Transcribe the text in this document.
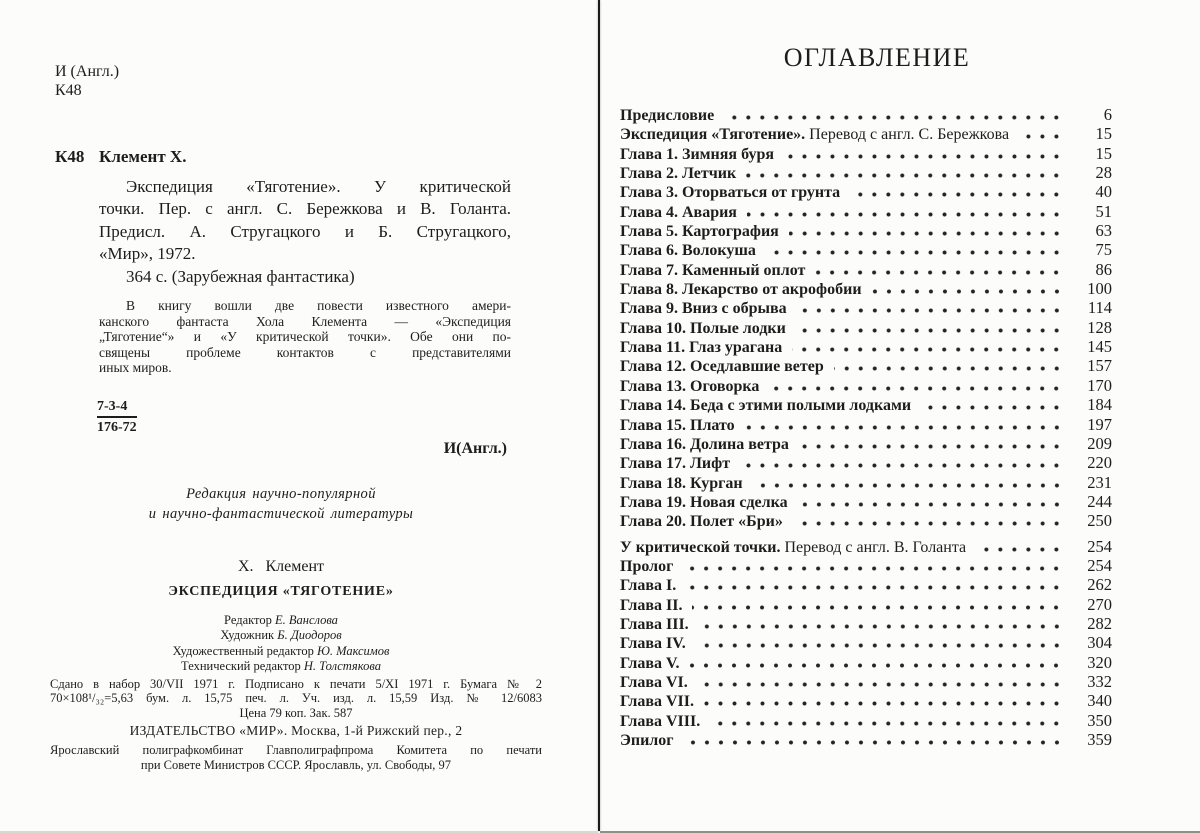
И (Англ.)
К48
К48 Клемент Х.
Экспедиция «Тяготение». У критической
точки. Пер. с англ. С. Бережкова и В. Голанта.
Предисл. А. Стругацкого и Б. Стругацкого,
«Мир», 1972.
364 с. (Зарубежная фантастика)
В книгу вошли две повести известного амери-
канского фантаста Хола Клемента — «Экспедиция
„Тяготение“» и «У критической точки». Обе они по-
священы проблеме контактов с представителями
иных миров.
$\frac{7-3-4}{176-72}$
И(Англ.)
Редакция научно-популярной
и научно-фантастической литературы
Х. Клемент
ЭКСПЕДИЦИЯ «ТЯГОТЕНИЕ»
Редактор Е. Ванслова
Художник Б. Диодоров
Художественный редактор Ю. Максимов
Технический редактор Н. Толстякова
Сдано в набор 30/VII 1971 г. Подписано к печати 5/XI 1971 г. Бумага № 2
70×108¹/₃₂=5,63 бум. л. 15,75 печ. л. Уч. изд. л. 15,59 Изд. № 12/6083
Цена 79 коп. Зак. 587
ИЗДАТЕЛЬСТВО «МИР». Москва, 1-й Рижский пер., 2
Ярославский полиграфкомбинат Главполиграфпрома Комитета по печати
при Совете Министров СССР. Ярославль, ул. Свободы, 97
ОГЛАВЛЕНИЕ
Предисловие	6
Экспедиция «Тяготение». Перевод с англ. С. Бережкова	15
Глава 1. Зимняя буря	15
Глава 2. Летчик	28
Глава 3. Оторваться от грунта	40
Глава 4. Авария	51
Глава 5. Картография	63
Глава 6. Волокуша	75
Глава 7. Каменный оплот	86
Глава 8. Лекарство от акрофобии	100
Глава 9. Вниз с обрыва	114
Глава 10. Полые лодки	128
Глава 11. Глаз урагана	145
Глава 12. Оседлавшие ветер	157
Глава 13. Оговорка	170
Глава 14. Беда с этими полыми лодками	184
Глава 15. Плато	197
Глава 16. Долина ветра	209
Глава 17. Лифт	220
Глава 18. Курган	231
Глава 19. Новая сделка	244
Глава 20. Полет «Бри»	250
У критической точки. Перевод с англ. В. Голанта	254
Пролог	254
Глава I.	262
Глава II.	270
Глава III.	282
Глава IV.	304
Глава V.	320
Глава VI.	332
Глава VII.	340
Глава VIII.	350
Эпилог	359
